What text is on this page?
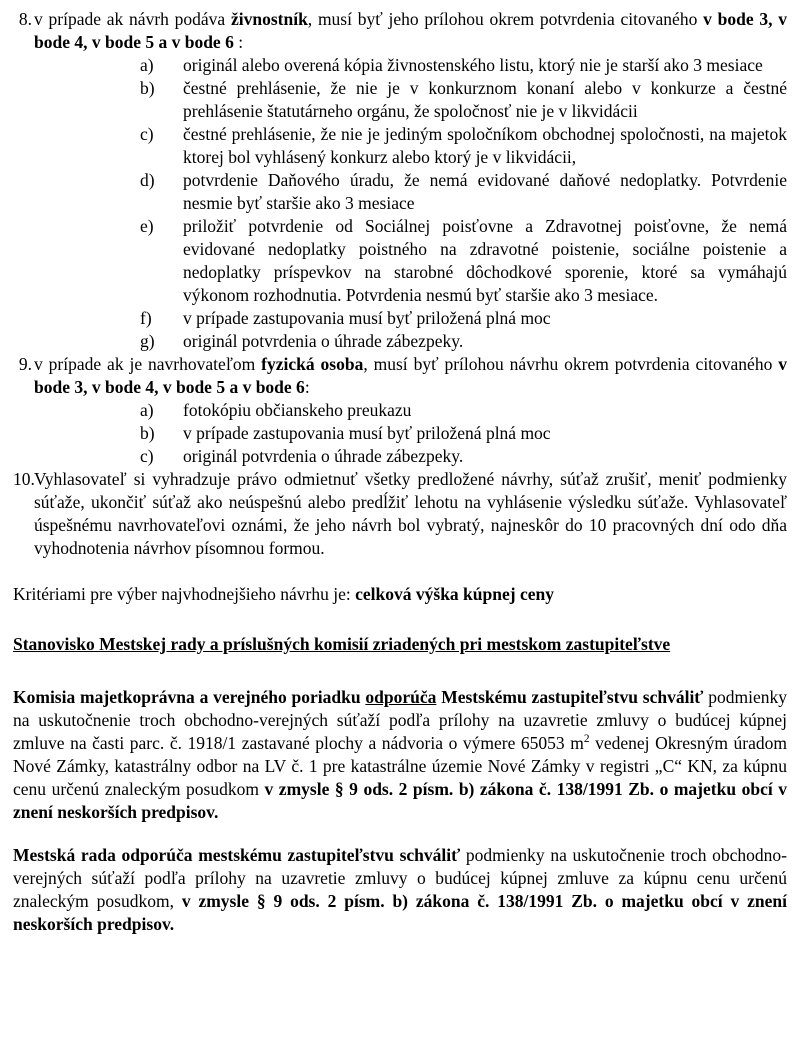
8. v prípade ak návrh podáva živnostník, musí byť jeho prílohou okrem potvrdenia citovaného v bode 3, v bode 4, v bode 5 a v bode 6 :
a)	originál alebo overená kópia živnostenského listu, ktorý nie je starší ako 3 mesiace
b)	čestné prehlásenie, že nie je v konkurznom konaní alebo v konkurze a čestné prehlásenie štatutárneho orgánu, že spoločnosť nie je v likvidácii
c)	čestné prehlásenie, že nie je jediným spoločníkom obchodnej spoločnosti, na majetok ktorej bol vyhlásený konkurz alebo ktorý je v likvidácii,
d)	potvrdenie Daňového úradu, že nemá evidované daňové nedoplatky. Potvrdenie nesmie byť staršie ako 3 mesiace
e)	priložiť potvrdenie od Sociálnej poisťovne a Zdravotnej poisťovne, že nemá evidované nedoplatky poistného na zdravotné poistenie, sociálne poistenie a nedoplatky príspevkov na starobné dôchodkové sporenie, ktoré sa vymáhajú výkonom rozhodnutia. Potvrdenia nesmú byť staršie ako 3 mesiace.
f)	v prípade zastupovania musí byť priložená plná moc
g)	originál potvrdenia o úhrade zábezpeky.
9. v prípade ak je navrhovateľom fyzická osoba, musí byť prílohou návrhu okrem potvrdenia citovaného v bode 3, v bode 4, v bode 5 a v bode 6:
a)	fotokópiu občianskeho preukazu
b)	v prípade zastupovania musí byť priložená plná moc
c)	originál potvrdenia o úhrade zábezpeky.
10. Vyhlasovateľ si vyhradzuje právo odmietnuť všetky predložené návrhy, súťaž zrušiť, meniť podmienky súťaže, ukončiť súťaž ako neúspešnú alebo predĺžiť lehotu na vyhlásenie výsledku súťaže. Vyhlasovateľ úspešnému navrhovateľovi oznámi, že jeho návrh bol vybratý, najneskôr do 10 pracovných dní odo dňa vyhodnotenia návrhov písomnou formou.

Kritériami pre výber najvhodnejšieho návrhu je: celková výška kúpnej ceny

Stanovisko Mestskej rady a príslušných komisií zriadených pri mestskom zastupiteľstve

Komisia majetkoprávna a verejného poriadku odporúča Mestskému zastupiteľstvu schváliť podmienky na uskutočnenie troch obchodno-verejných súťaží podľa prílohy na uzavretie zmluvy o budúcej kúpnej zmluve na časti parc. č. 1918/1 zastavané plochy a nádvoria o výmere 65053 $m^2$ vedenej Okresným úradom Nové Zámky, katastrálny odbor na LV č. 1 pre katastrálne územie Nové Zámky v registri „C“ KN, za kúpnu cenu určenú znaleckým posudkom v zmysle § 9 ods. 2 písm. b) zákona č. 138/1991 Zb. o majetku obcí v znení neskorších predpisov.

Mestská rada odporúča mestskému zastupiteľstvu schváliť podmienky na uskutočnenie troch obchodno-verejných súťaží podľa prílohy na uzavretie zmluvy o budúcej kúpnej zmluve za kúpnu cenu určenú znaleckým posudkom, v zmysle § 9 ods. 2 písm. b) zákona č. 138/1991 Zb. o majetku obcí v znení neskorších predpisov.
